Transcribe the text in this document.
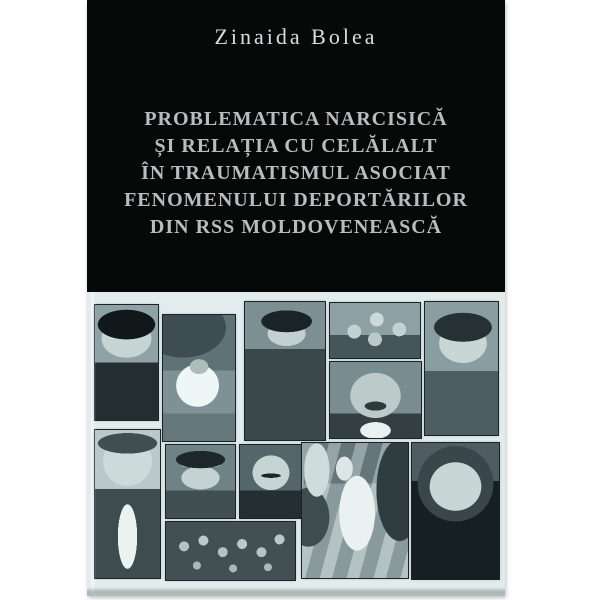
Zinaida Bolea
PROBLEMATICA NARCISICĂ
ȘI RELAȚIA CU CELĂLALT
ÎN TRAUMATISMUL ASOCIAT
FENOMENULUI DEPORTĂRILOR
DIN RSS MOLDOVENEASCĂ
